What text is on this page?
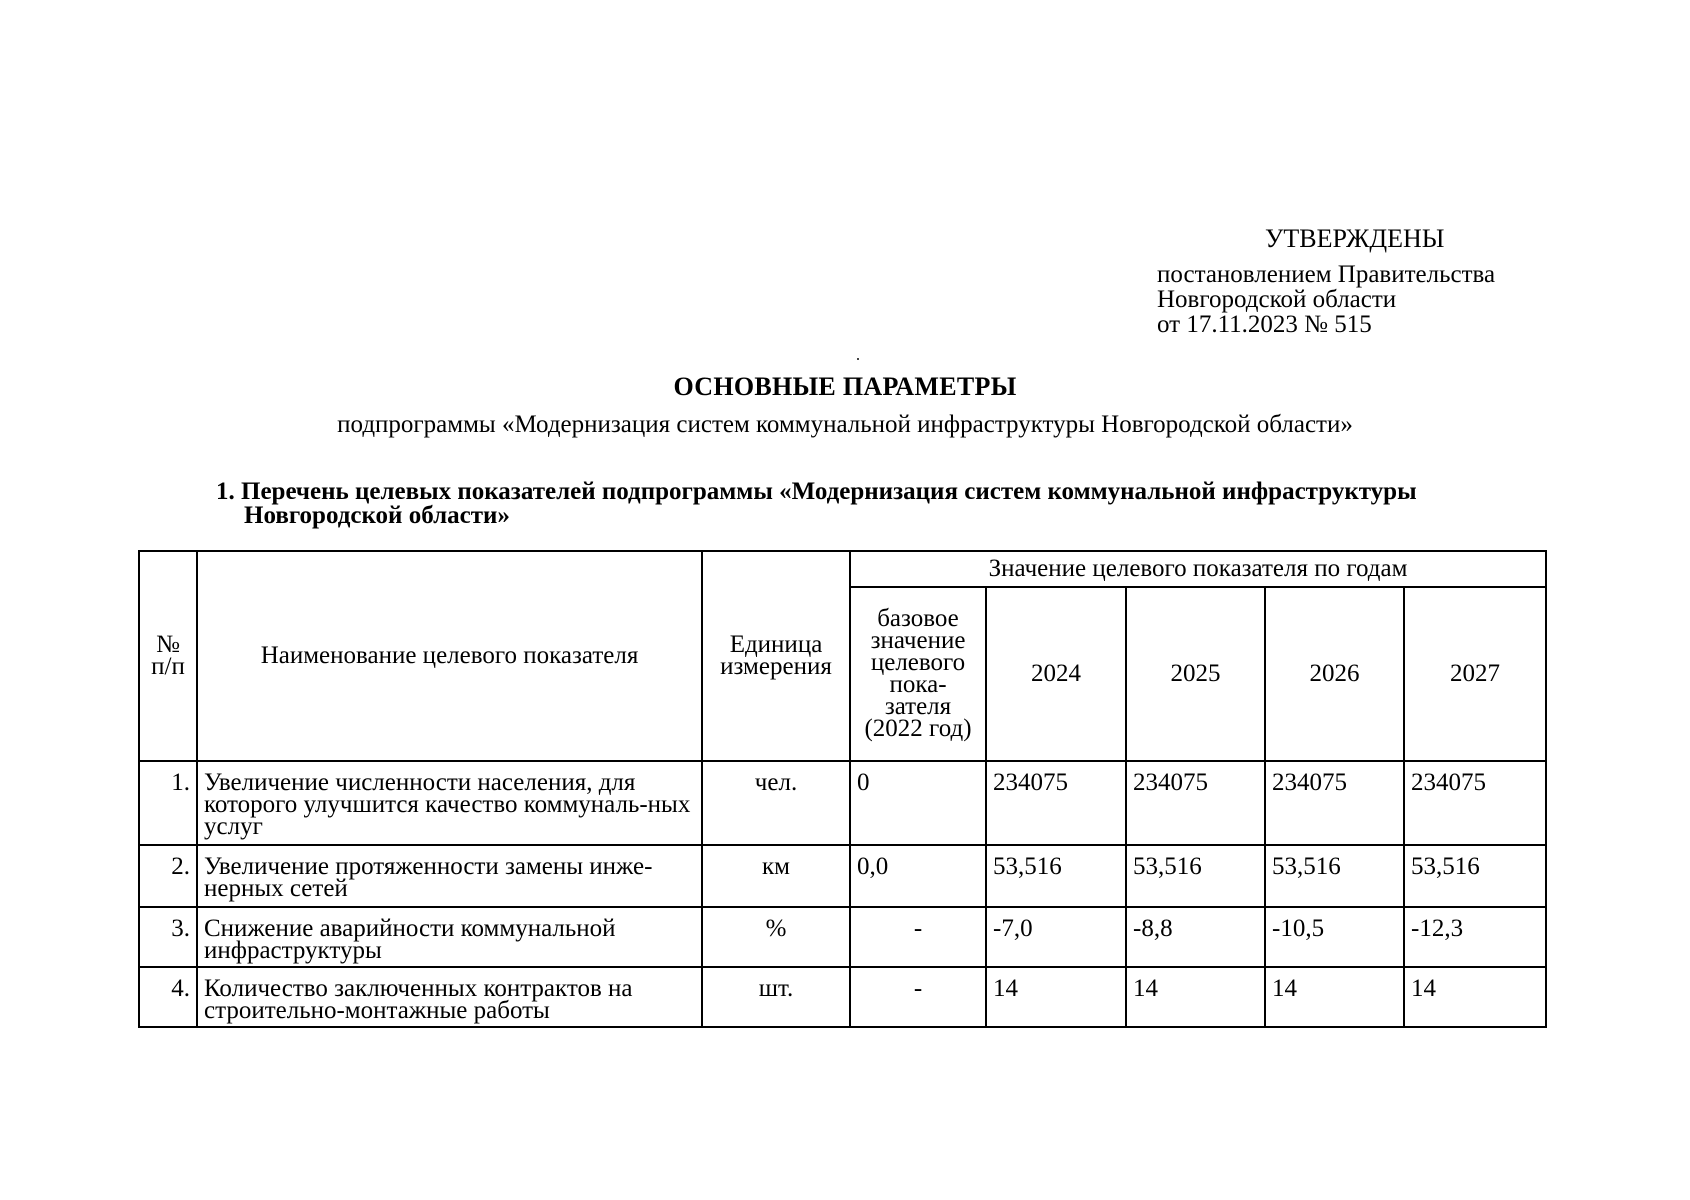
УТВЕРЖДЕНЫ
постановлением Правительства
Новгородской области
от 17.11.2023 № 515
ОСНОВНЫЕ ПАРАМЕТРЫ
подпрограммы «Модернизация систем коммунальной инфраструктуры Новгородской области»
1. Перечень целевых показателей подпрограммы «Модернизация систем коммунальной инфраструктуры
Новгородской области»
№ п/п	Наименование целевого показателя	Единица измерения	Значение целевого показателя по годам				
			базовое значение целевого пока-зателя (2022 год)	2024	2025	2026	2027
1.	Увеличение численности населения, для которого улучшится качество коммуналь-ных услуг	чел.	0	234075	234075	234075	234075
2.	Увеличение протяженности замены инже-нерных сетей	км	0,0	53,516	53,516	53,516	53,516
3.	Снижение аварийности коммунальной инфраструктуры	%	-	-7,0	-8,8	-10,5	-12,3
4.	Количество заключенных контрактов на строительно-монтажные работы	шт.	-	14	14	14	14
